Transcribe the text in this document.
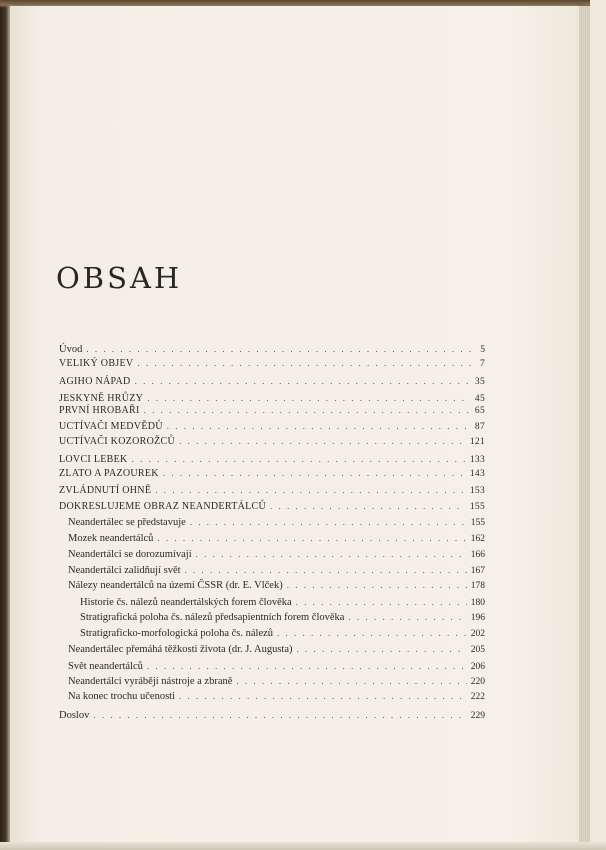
OBSAH
Úvod . . .	5
VELIKÝ OBJEV . . .	7
AGIHO NÁPAD . . .	35
JESKYNĚ HRŮZY . . .	45
PRVNÍ HROBAŘI . . .	65
UCTÍVAČI MEDVĚDŮ . . .	87
UCTÍVAČI KOZOROŽCŮ . . .	121
LOVCI LEBEK . . .	133
ZLATO A PAZOUREK . . .	143
ZVLÁDNUTÍ OHNĚ . . .	153
DOKRESLUJEME OBRAZ NEANDERTÁLCŮ . . .	155
Neandertálec se představuje . . .	155
Mozek neandertálců . . .	162
Neandertálci se dorozumívají . . .	166
Neandertálci zalidňují svět . . .	167
Nálezy neandertálců na území ČSSR (dr. E. Vlček) . . .	178
Historie čs. nálezů neandertálských forem člověka . . .	180
Stratigrafická poloha čs. nálezů předsapientních forem člověka . . .	196
Stratigraficko-morfologická poloha čs. nálezů . . .	202
Neandertálec přemáhá těžkosti života (dr. J. Augusta) . . .	205
Svět neandertálců . . .	206
Neandertálci vyrábějí nástroje a zbraně . . .	220
Na konec trochu učenosti . . .	222
Doslov . . .	229
